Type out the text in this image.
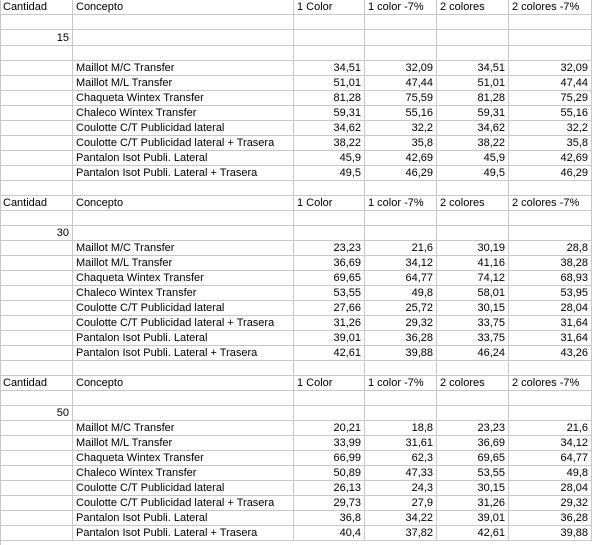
Cantidad	Concepto	1 Color	1 color -7%	2 colores	2 colores -7%
15
Maillot M/C Transfer	34,51	32,09	34,51	32,09
Maillot M/L Transfer	51,01	47,44	51,01	47,44
Chaqueta Wintex Transfer	81,28	75,59	81,28	75,29
Chaleco Wintex Transfer	59,31	55,16	59,31	55,16
Coulotte C/T Publicidad lateral	34,62	32,2	34,62	32,2
Coulotte C/T Publicidad lateral + Trasera	38,22	35,8	38,22	35,8
Pantalon Isot Publi. Lateral	45,9	42,69	45,9	42,69
Pantalon Isot Publi. Lateral + Trasera	49,5	46,29	49,5	46,29
Cantidad	Concepto	1 Color	1 color -7%	2 colores	2 colores -7%
30
Maillot M/C Transfer	23,23	21,6	30,19	28,8
Maillot M/L Transfer	36,69	34,12	41,16	38,28
Chaqueta Wintex Transfer	69,65	64,77	74,12	68,93
Chaleco Wintex Transfer	53,55	49,8	58,01	53,95
Coulotte C/T Publicidad lateral	27,66	25,72	30,15	28,04
Coulotte C/T Publicidad lateral + Trasera	31,26	29,32	33,75	31,64
Pantalon Isot Publi. Lateral	39,01	36,28	33,75	31,64
Pantalon Isot Publi. Lateral + Trasera	42,61	39,88	46,24	43,26
Cantidad	Concepto	1 Color	1 color -7%	2 colores	2 colores -7%
50
Maillot M/C Transfer	20,21	18,8	23,23	21,6
Maillot M/L Transfer	33,99	31,61	36,69	34,12
Chaqueta Wintex Transfer	66,99	62,3	69,65	64,77
Chaleco Wintex Transfer	50,89	47,33	53,55	49,8
Coulotte C/T Publicidad lateral	26,13	24,3	30,15	28,04
Coulotte C/T Publicidad lateral + Trasera	29,73	27,9	31,26	29,32
Pantalon Isot Publi. Lateral	36,8	34,22	39,01	36,28
Pantalon Isot Publi. Lateral + Trasera	40,4	37,82	42,61	39,88
